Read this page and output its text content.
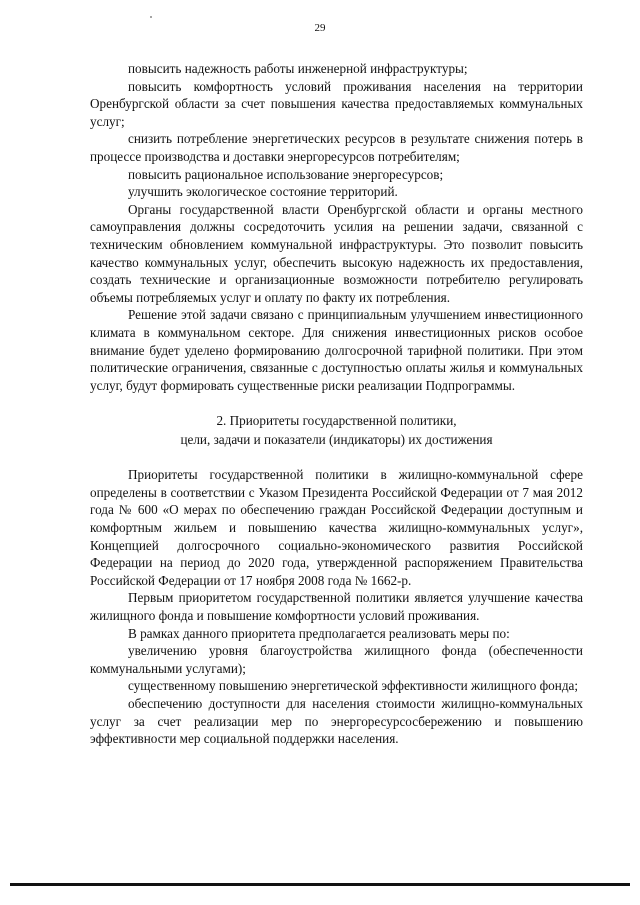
29

повысить надежность работы инженерной инфраструктуры;

повысить комфортность условий проживания населения на территории Оренбургской области за счет повышения качества предоставляемых коммунальных услуг;

снизить потребление энергетических ресурсов в результате снижения потерь в процессе производства и доставки энергоресурсов потребителям;

повысить рациональное использование энергоресурсов;

улучшить экологическое состояние территорий.

Органы государственной власти Оренбургской области и органы местного самоуправления должны сосредоточить усилия на решении задачи, связанной с техническим обновлением коммунальной инфраструктуры. Это позволит повысить качество коммунальных услуг, обеспечить высокую надежность их предоставления, создать технические и организационные возможности потребителю регулировать объемы потребляемых услуг и оплату по факту их потребления.

Решение этой задачи связано с принципиальным улучшением инвестиционного климата в коммунальном секторе. Для снижения инвестиционных рисков особое внимание будет уделено формированию долгосрочной тарифной политики. При этом политические ограничения, связанные с доступностью оплаты жилья и коммунальных услуг, будут формировать существенные риски реализации Подпрограммы.

2. Приоритеты государственной политики,
цели, задачи и показатели (индикаторы) их достижения

Приоритеты государственной политики в жилищно-коммунальной сфере определены в соответствии с Указом Президента Российской Федерации от 7 мая 2012 года № 600 «О мерах по обеспечению граждан Российской Федерации доступным и комфортным жильем и повышению качества жилищно-коммунальных услуг», Концепцией долгосрочного социально-экономического развития Российской Федерации на период до 2020 года, утвержденной распоряжением Правительства Российской Федерации от 17 ноября 2008 года № 1662-р.

Первым приоритетом государственной политики является улучшение качества жилищного фонда и повышение комфортности условий проживания.

В рамках данного приоритета предполагается реализовать меры по:

увеличению уровня благоустройства жилищного фонда (обеспеченности коммунальными услугами);

существенному повышению энергетической эффективности жилищного фонда;

обеспечению доступности для населения стоимости жилищно-коммунальных услуг за счет реализации мер по энергоресурсосбережению и повышению эффективности мер социальной поддержки населения.
